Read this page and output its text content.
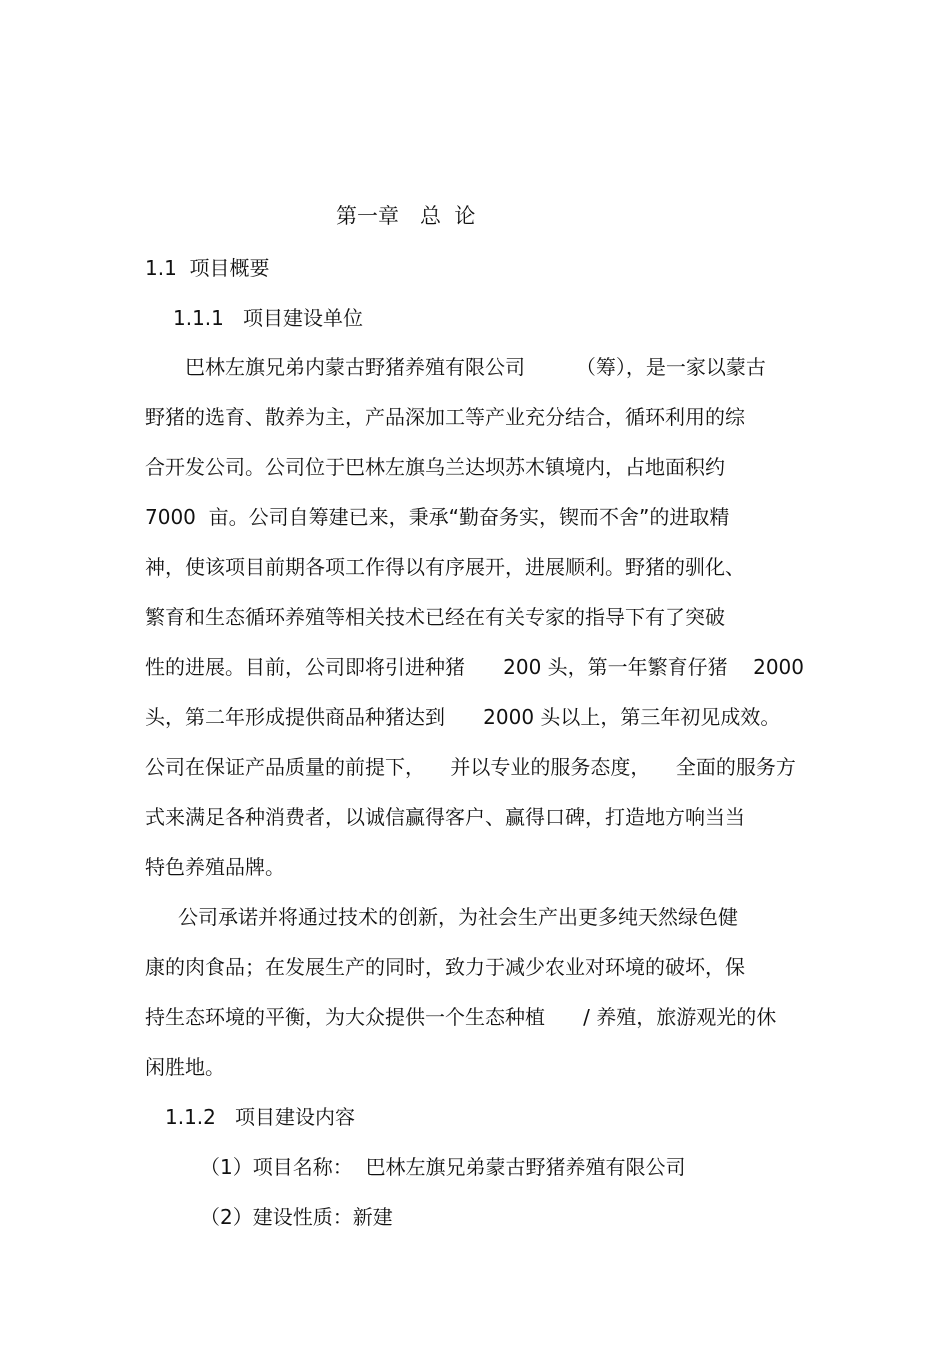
第一章　总  论
1.1  项目概要
1.1.1   项目建设单位
巴林左旗兄弟内蒙古野猪养殖有限公司        （筹），是一家以蒙古
野猪的选育、散养为主，产品深加工等产业充分结合，循环利用的综
合开发公司。公司位于巴林左旗乌兰达坝苏木镇境内，占地面积约
7000  亩。公司自筹建已来，秉承“勤奋务实，锲而不舍”的进取精
神，使该项目前期各项工作得以有序展开，进展顺利。野猪的驯化、
繁育和生态循环养殖等相关技术已经在有关专家的指导下有了突破
性的进展。目前，公司即将引进种猪      200 头，第一年繁育仔猪    2000
头，第二年形成提供商品种猪达到      2000 头以上，第三年初见成效。
公司在保证产品质量的前提下，    并以专业的服务态度，    全面的服务方
式来满足各种消费者，以诚信赢得客户、赢得口碑，打造地方响当当
特色养殖品牌。
公司承诺并将通过技术的创新，为社会生产出更多纯天然绿色健
康的肉食品；在发展生产的同时，致力于减少农业对环境的破坏，保
持生态环境的平衡，为大众提供一个生态种植      / 养殖，旅游观光的休
闲胜地。
1.1.2   项目建设内容
（1）项目名称：  巴林左旗兄弟蒙古野猪养殖有限公司
（2）建设性质：新建
